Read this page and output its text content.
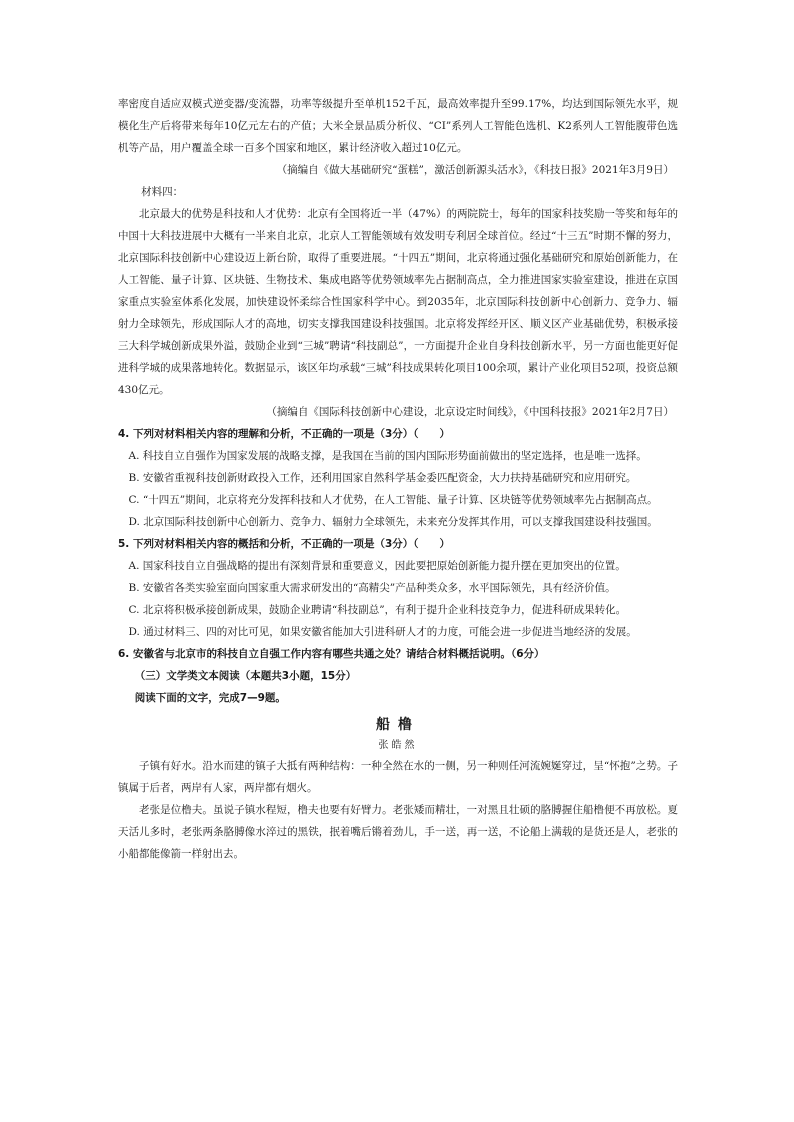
率密度自适应双模式逆变器/变流器，功率等级提升至单机152千瓦，最高效率提升至99.17%，均达到国际领先水平，规模化生产后将带来每年10亿元左右的产值；大米全景品质分析仪、“CI”系列人工智能色选机、K2系列人工智能腹带色选机等产品，用户覆盖全球一百多个国家和地区，累计经济收入超过10亿元。

（摘编自《做大基础研究“蛋糕”，激活创新源头活水》，《科技日报》2021年3月9日）

材料四：

北京最大的优势是科技和人才优势：北京有全国将近一半（47%）的两院院士，每年的国家科技奖励一等奖和每年的中国十大科技进展中大概有一半来自北京，北京人工智能领域有效发明专利居全球首位。经过“十三五”时期不懈的努力，北京国际科技创新中心建设迈上新台阶，取得了重要进展。“十四五”期间，北京将通过强化基础研究和原始创新能力，在人工智能、量子计算、区块链、生物技术、集成电路等优势领域率先占据制高点，全力推进国家实验室建设，推进在京国家重点实验室体系化发展，加快建设怀柔综合性国家科学中心。到2035年，北京国际科技创新中心创新力、竞争力、辐射力全球领先，形成国际人才的高地，切实支撑我国建设科技强国。北京将发挥经开区、顺义区产业基础优势，积极承接三大科学城创新成果外溢，鼓励企业到“三城”聘请“科技副总”，一方面提升企业自身科技创新水平，另一方面也能更好促进科学城的成果落地转化。数据显示，该区年均承载“三城”科技成果转化项目100余项，累计产业化项目52项，投资总额430亿元。

（摘编自《国际科技创新中心建设，北京设定时间线》，《中国科技报》2021年2月7日）

4. 下列对材料相关内容的理解和分析，不正确的一项是（3分）（　　）

A. 科技自立自强作为国家发展的战略支撑，是我国在当前的国内国际形势面前做出的坚定选择，也是唯一选择。

B. 安徽省重视科技创新财政投入工作，还利用国家自然科学基金委匹配资金，大力扶持基础研究和应用研究。

C. “十四五”期间，北京将充分发挥科技和人才优势，在人工智能、量子计算、区块链等优势领域率先占据制高点。

D. 北京国际科技创新中心创新力、竞争力、辐射力全球领先，未来充分发挥其作用，可以支撑我国建设科技强国。

5. 下列对材料相关内容的概括和分析，不正确的一项是（3分）（　　）

A. 国家科技自立自强战略的提出有深刻背景和重要意义，因此要把原始创新能力提升摆在更加突出的位置。

B. 安徽省各类实验室面向国家重大需求研发出的“高精尖”产品种类众多，水平国际领先，具有经济价值。

C. 北京将积极承接创新成果，鼓励企业聘请“科技副总”，有利于提升企业科技竞争力，促进科研成果转化。

D. 通过材料三、四的对比可见，如果安徽省能加大引进科研人才的力度，可能会进一步促进当地经济的发展。

6. 安徽省与北京市的科技自立自强工作内容有哪些共通之处？请结合材料概括说明。（6分）

（三）文学类文本阅读（本题共3小题，15分）

阅读下面的文字，完成7—9题。

船橹

张皓然

子镇有好水。沿水而建的镇子大抵有两种结构：一种全然在水的一侧，另一种则任河流婉娫穿过，呈“怀抱”之势。子镇属于后者，两岸有人家，两岸都有烟火。

老张是位橹夫。虽说子镇水程短，橹夫也要有好臂力。老张矮而精壮，一对黑且壮硕的胳膊握住船橹便不再放松。夏天活儿多时，老张两条胳膊像水淬过的黑铁，抿着嘴后锵着劲儿，手一送，再一送，不论船上满载的是货还是人，老张的小船都能像箭一样射出去。
